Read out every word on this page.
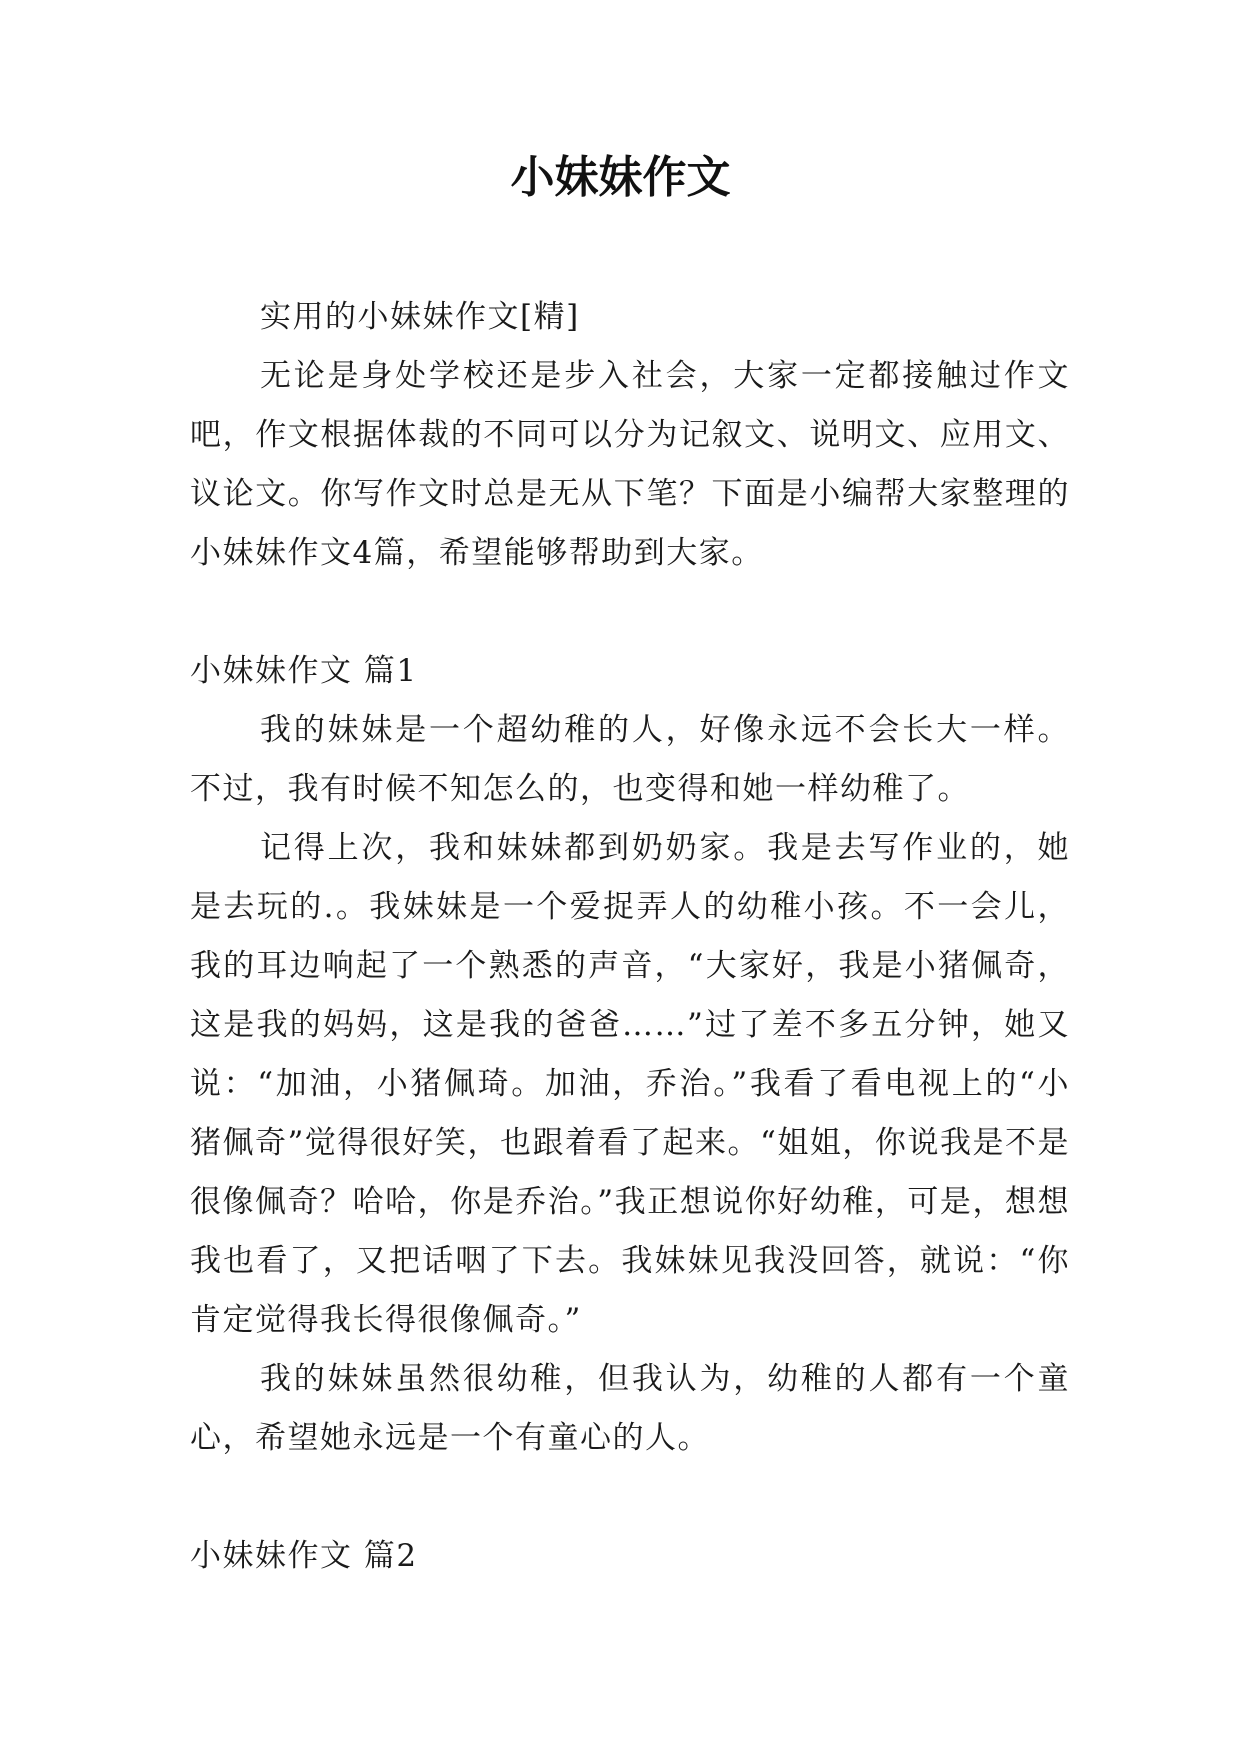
小妹妹作文

实用的小妹妹作文[精]

无论是身处学校还是步入社会，大家一定都接触过作文吧，作文根据体裁的不同可以分为记叙文、说明文、应用文、议论文。你写作文时总是无从下笔？下面是小编帮大家整理的小妹妹作文4篇，希望能够帮助到大家。

小妹妹作文 篇1

我的妹妹是一个超幼稚的人，好像永远不会长大一样。不过，我有时候不知怎么的，也变得和她一样幼稚了。

记得上次，我和妹妹都到奶奶家。我是去写作业的，她是去玩的.。我妹妹是一个爱捉弄人的幼稚小孩。不一会儿，我的耳边响起了一个熟悉的声音，“大家好，我是小猪佩奇，这是我的妈妈，这是我的爸爸……”过了差不多五分钟，她又说：“加油，小猪佩琦。加油，乔治。”我看了看电视上的“小猪佩奇”觉得很好笑，也跟着看了起来。“姐姐，你说我是不是很像佩奇？哈哈，你是乔治。”我正想说你好幼稚，可是，想想我也看了，又把话咽了下去。我妹妹见我没回答，就说：“你肯定觉得我长得很像佩奇。”

我的妹妹虽然很幼稚，但我认为，幼稚的人都有一个童心，希望她永远是一个有童心的人。

小妹妹作文 篇2
